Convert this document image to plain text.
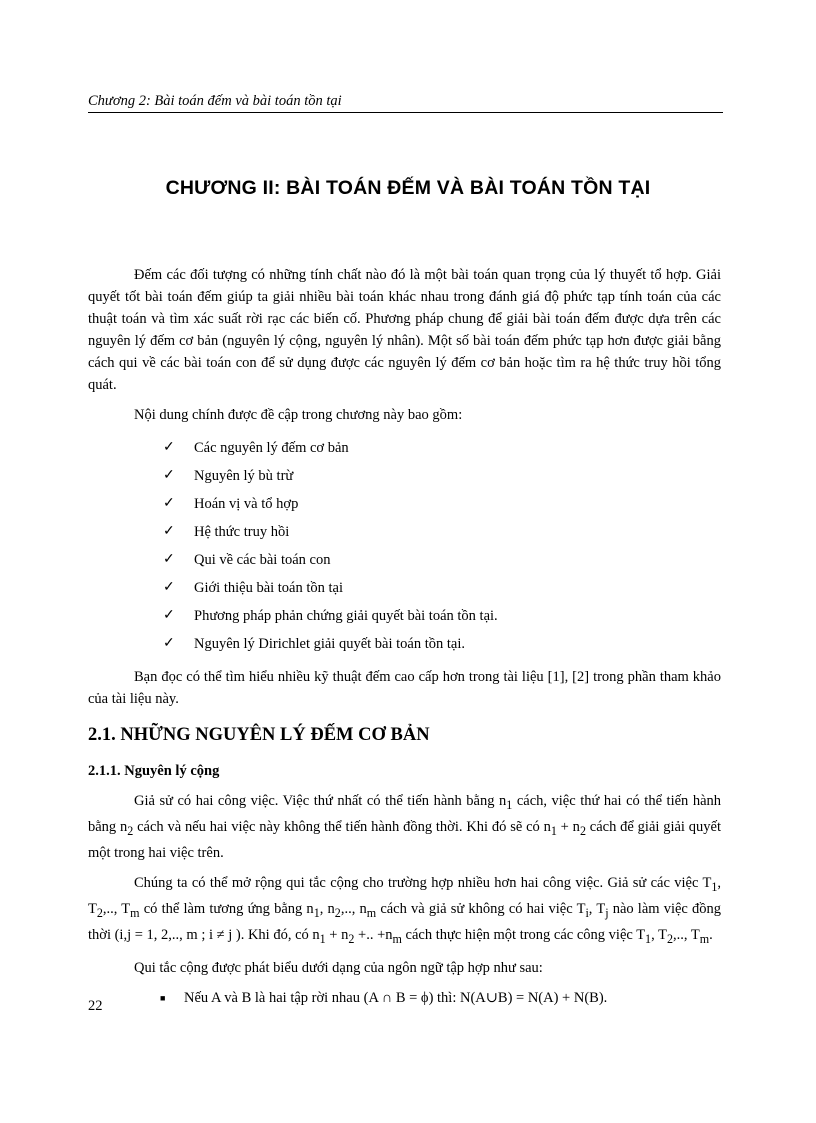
Chương 2: Bài toán đếm và bài toán tồn tại
CHƯƠNG II: BÀI TOÁN ĐẾM VÀ BÀI TOÁN TỒN TẠI

Đếm các đối tượng có những tính chất nào đó là một bài toán quan trọng của lý thuyết tổ hợp. Giải quyết tốt bài toán đếm giúp ta giải nhiều bài toán khác nhau trong đánh giá độ phức tạp tính toán của các thuật toán và tìm xác suất rời rạc các biến cố. Phương pháp chung để giải bài toán đếm được dựa trên các nguyên lý đếm cơ bản (nguyên lý cộng, nguyên lý nhân). Một số bài toán đếm phức tạp hơn được giải bằng cách qui về các bài toán con để sử dụng được các nguyên lý đếm cơ bản hoặc tìm ra hệ thức truy hồi tổng quát.

Nội dung chính được đề cập trong chương này bao gồm:

✓ Các nguyên lý đếm cơ bản
✓ Nguyên lý bù trừ
✓ Hoán vị và tổ hợp
✓ Hệ thức truy hồi
✓ Qui về các bài toán con
✓ Giới thiệu bài toán tồn tại
✓ Phương pháp phản chứng giải quyết bài toán tồn tại.
✓ Nguyên lý Dirichlet giải quyết bài toán tồn tại.

Bạn đọc có thể tìm hiểu nhiều kỹ thuật đếm cao cấp hơn trong tài liệu [1], [2] trong phần tham khảo của tài liệu này.

2.1. NHỮNG NGUYÊN LÝ ĐẾM CƠ BẢN
2.1.1. Nguyên lý cộng

Giả sử có hai công việc. Việc thứ nhất có thể tiến hành bằng $n_1$ cách, việc thứ hai có thể tiến hành bằng $n_2$ cách và nếu hai việc này không thể tiến hành đồng thời. Khi đó sẽ có $n_1 + n_2$ cách để giải giải quyết một trong hai việc trên.

Chúng ta có thể mở rộng qui tắc cộng cho trường hợp nhiều hơn hai công việc. Giả sử các việc $T_1$, $T_2$,.., $T_m$ có thể làm tương ứng bằng $n_1$, $n_2$,.., $n_m$ cách và giả sử không có hai việc $T_i$, $T_j$ nào làm việc đồng thời (i,j = 1, 2,.., m ; i ≠ j ). Khi đó, có $n_1 + n_2$ +.. $+n_m$ cách thực hiện một trong các công việc $T_1$, $T_2$,.., $T_m$.

Qui tắc cộng được phát biểu dưới dạng của ngôn ngữ tập hợp như sau:

■ Nếu A và B là hai tập rời nhau (A ∩ B = ϕ) thì: N(A∪B) = N(A) + N(B).
22
